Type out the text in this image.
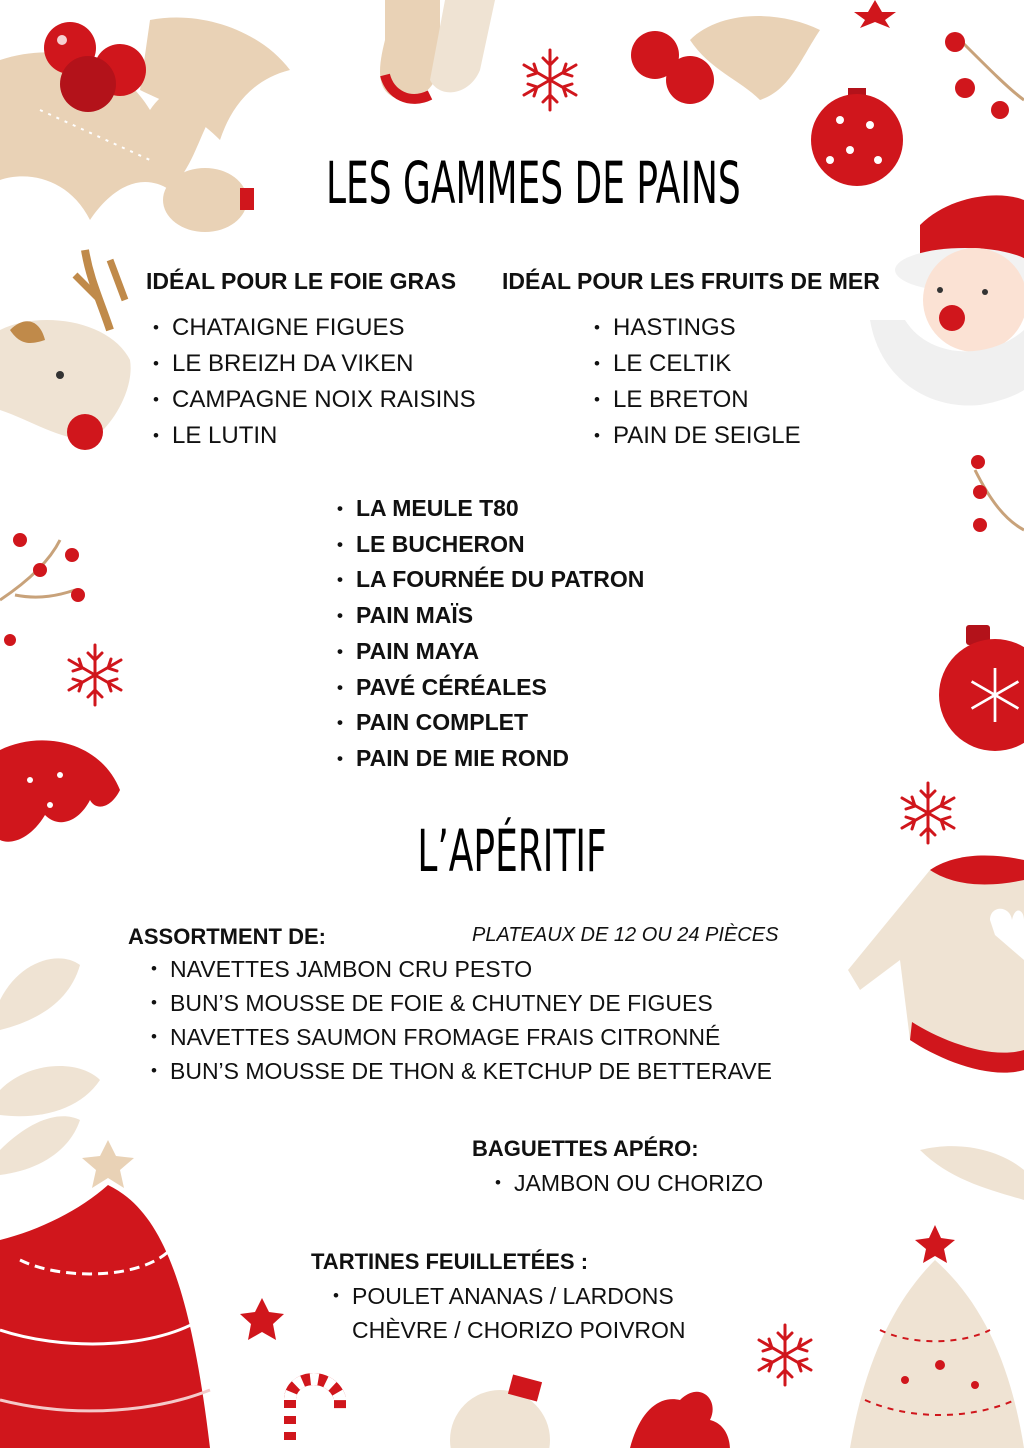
LES GAMMES DE PAINS
IDÉAL POUR LE FOIE GRAS
• CHATAIGNE FIGUES
• LE BREIZH DA VIKEN
• CAMPAGNE NOIX RAISINS
• LE LUTIN
IDÉAL POUR LES FRUITS DE MER
• HASTINGS
• LE CELTIK
• LE BRETON
• PAIN DE SEIGLE
• LA MEULE T80
• LE BUCHERON
• LA FOURNÉE DU PATRON
• PAIN MAÏS
• PAIN MAYA
• PAVÉ CÉRÉALES
• PAIN COMPLET
• PAIN DE MIE ROND
L’APÉRITIF
ASSORTMENT DE:	PLATEAUX DE 12 OU 24 PIÈCES
• NAVETTES JAMBON CRU PESTO
• BUN’S MOUSSE DE FOIE & CHUTNEY DE FIGUES
• NAVETTES SAUMON FROMAGE FRAIS CITRONNÉ
• BUN’S MOUSSE DE THON & KETCHUP DE BETTERAVE
BAGUETTES APÉRO:
• JAMBON OU CHORIZO
TARTINES FEUILLETÉES :
• POULET ANANAS / LARDONS
CHÈVRE / CHORIZO POIVRON
